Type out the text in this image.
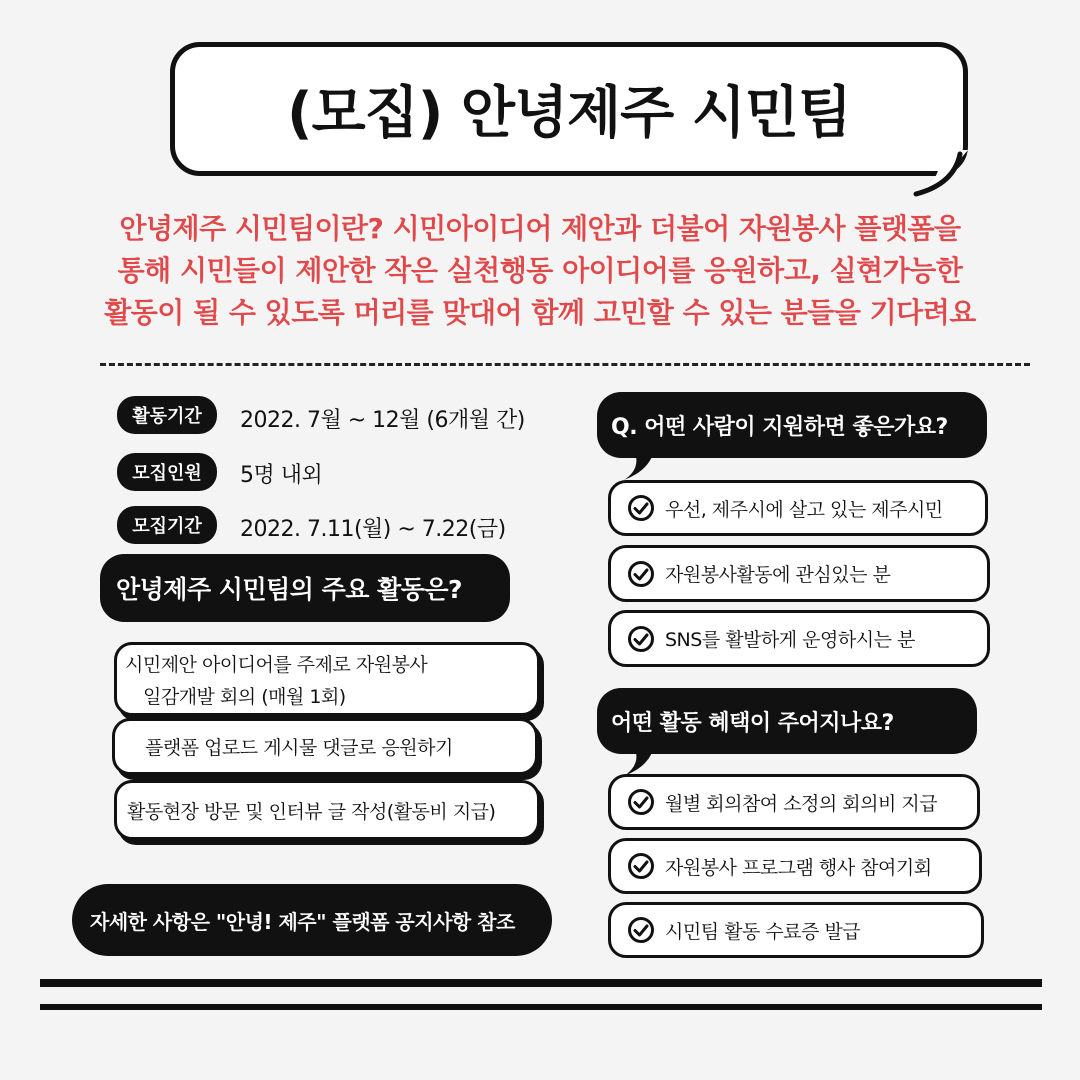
(모집) 안녕제주 시민팀
안녕제주 시민팀이란? 시민아이디어 제안과 더불어 자원봉사 플랫폼을
통해 시민들이 제안한 작은 실천행동 아이디어를 응원하고, 실현가능한
활동이 될 수 있도록 머리를 맞대어 함께 고민할 수 있는 분들을 기다려요
활동기간	2022. 7월 ~ 12월 (6개월 간)
모집인원	5명 내외
모집기간	2022. 7.11(월) ~ 7.22(금)
안녕제주 시민팀의 주요 활동은?
시민제안 아이디어를 주제로 자원봉사
일감개발 회의 (매월 1회)
플랫폼 업로드 게시물 댓글로 응원하기
활동현장 방문 및 인터뷰 글 작성(활동비 지급)
자세한 사항은 "안녕! 제주" 플랫폼 공지사항 참조
Q. 어떤 사람이 지원하면 좋은가요?
우선, 제주시에 살고 있는 제주시민
자원봉사활동에 관심있는 분
SNS를 활발하게 운영하시는 분
어떤 활동 혜택이 주어지나요?
월별 회의참여 소정의 회의비 지급
자원봉사 프로그램 행사 참여기회
시민팀 활동 수료증 발급
